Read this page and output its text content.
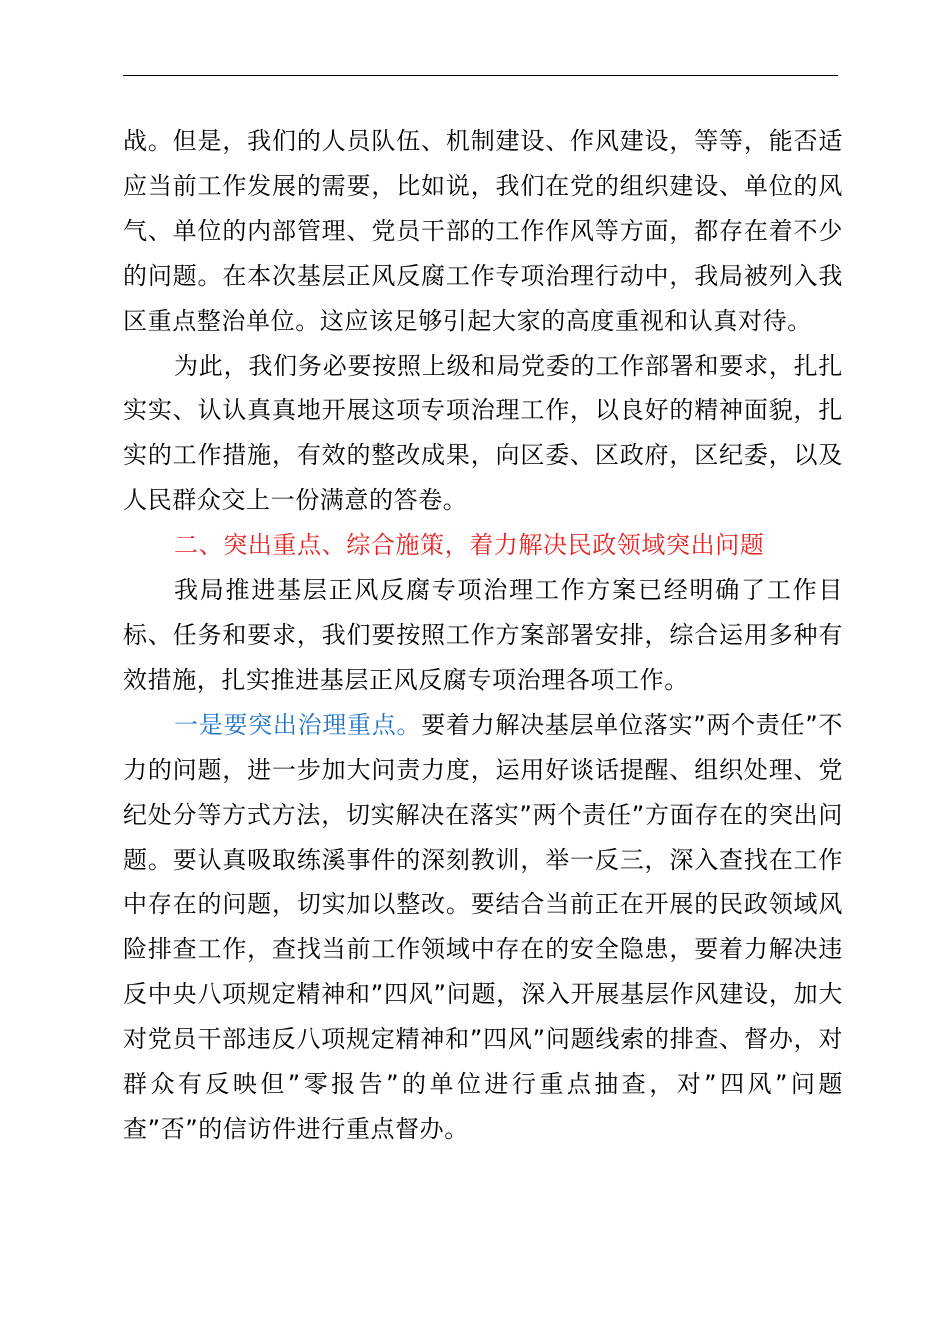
战。但是，我们的人员队伍、机制建设、作风建设，等等，能否适应当前工作发展的需要，比如说，我们在党的组织建设、单位的风气、单位的内部管理、党员干部的工作作风等方面，都存在着不少的问题。在本次基层正风反腐工作专项治理行动中，我局被列入我区重点整治单位。这应该足够引起大家的高度重视和认真对待。

为此，我们务必要按照上级和局党委的工作部署和要求，扎扎实实、认认真真地开展这项专项治理工作，以良好的精神面貌，扎实的工作措施，有效的整改成果，向区委、区政府，区纪委，以及人民群众交上一份满意的答卷。

二、突出重点、综合施策，着力解决民政领域突出问题

我局推进基层正风反腐专项治理工作方案已经明确了工作目标、任务和要求，我们要按照工作方案部署安排，综合运用多种有效措施，扎实推进基层正风反腐专项治理各项工作。

一是要突出治理重点。要着力解决基层单位落实”两个责任”不力的问题，进一步加大问责力度，运用好谈话提醒、组织处理、党纪处分等方式方法，切实解决在落实”两个责任”方面存在的突出问题。要认真吸取练溪事件的深刻教训，举一反三，深入查找在工作中存在的问题，切实加以整改。要结合当前正在开展的民政领域风险排查工作，查找当前工作领域中存在的安全隐患，要着力解决违反中央八项规定精神和”四风”问题，深入开展基层作风建设，加大对党员干部违反八项规定精神和”四风”问题线索的排查、督办，对群众有反映但”零报告”的单位进行重点抽查，对”四风”问题查”否”的信访件进行重点督办。
